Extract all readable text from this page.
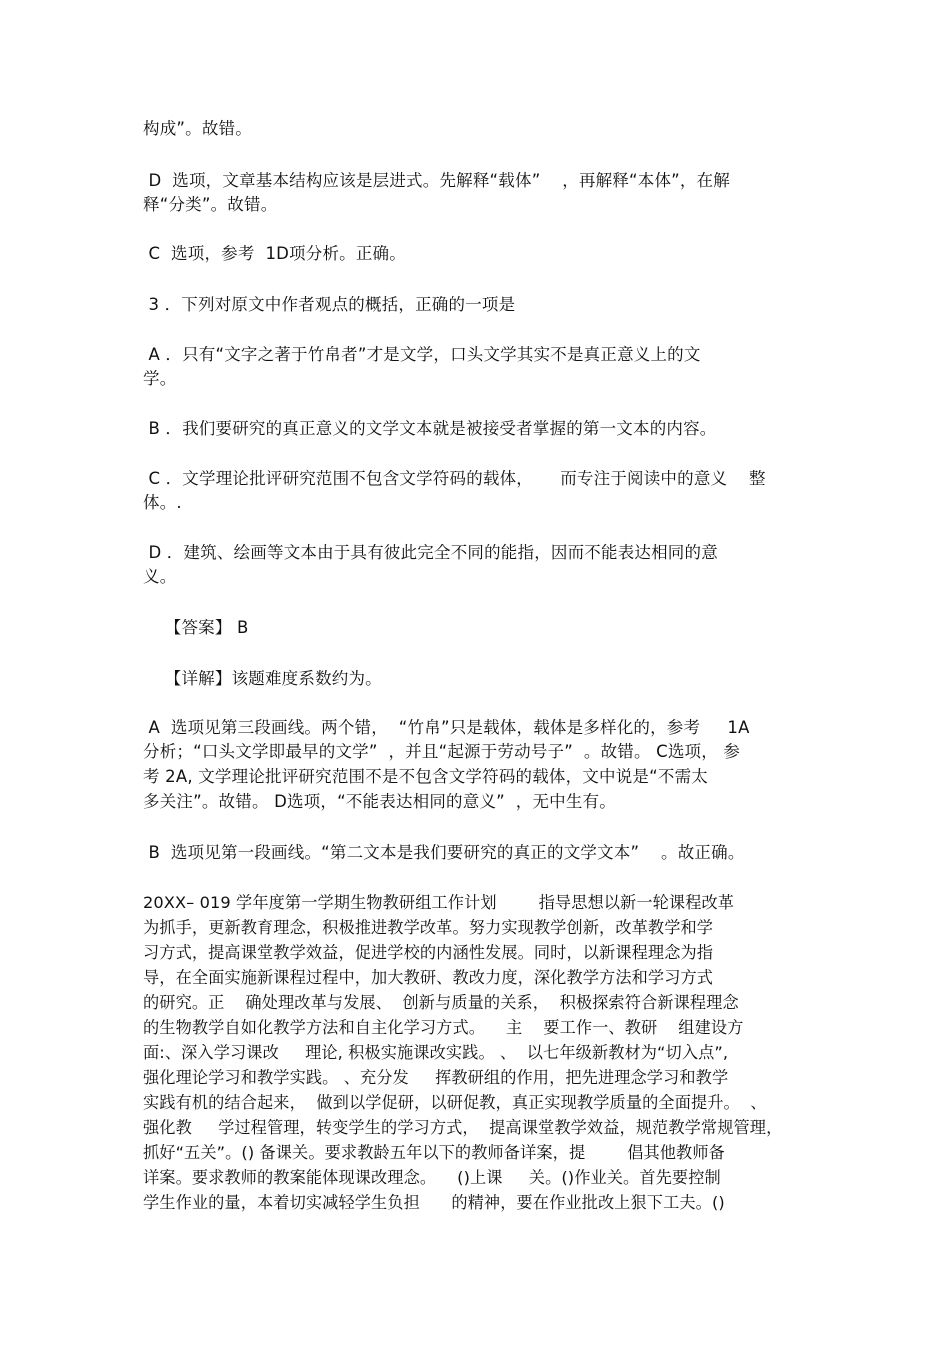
构成”。故错。
D  选项，文章基本结构应该是层进式。先解释“载体”    ，再解释“本体”，在解
释“分类”。故错。
C  选项，参考  1D项分析。正确。
3 ．下列对原文中作者观点的概括，正确的一项是
A ．只有“文字之著于竹帛者”才是文学，口头文学其实不是真正意义上的文
学。
B ．我们要研究的真正意义的文学文本就是被接受者掌握的第一文本的内容。
C ．文学理论批评研究范围不包含文学符码的载体，     而专注于阅读中的意义    整
体。.
D ．建筑、绘画等文本由于具有彼此完全不同的能指，因而不能表达相同的意
义。
【答案】 B
【详解】该题难度系数约为。
A  选项见第三段画线。两个错，  “竹帛”只是载体，载体是多样化的，参考     1A
分析；“口头文学即最早的文学”  ，并且“起源于劳动号子”  。故错。 C选项， 参
考 2A, 文学理论批评研究范围不是不包含文学符码的载体，文中说是“不需太
多关注”。故错。 D选项，“不能表达相同的意义”  ，无中生有。
B  选项见第一段画线。“第二文本是我们要研究的真正的文学文本”    。故正确。
20XX– 019 学年度第一学期生物教研组工作计划        指导思想以新一轮课程改革
为抓手，更新教育理念，积极推进教学改革。努力实现教学创新，改革教学和学
习方式，提高课堂教学效益，促进学校的内涵性发展。同时，以新课程理念为指
导，在全面实施新课程过程中，加大教研、教改力度，深化教学方法和学习方式
的研究。正    确处理改革与发展、  创新与质量的关系，  积极探索符合新课程理念
的生物教学自如化教学方法和自主化学习方式。    主    要工作一、教研    组建设方
面:、深入学习课改     理论, 积极实施课改实践。 、  以七年级新教材为“切入点”,
强化理论学习和教学实践。 、充分发     挥教研组的作用，把先进理念学习和教学
实践有机的结合起来，  做到以学促研，以研促教，真正实现教学质量的全面提升。  、
强化教     学过程管理，转变学生的学习方式，  提高课堂教学效益，规范教学常规管理，
抓好“五关”。() 备课关。要求教龄五年以下的教师备详案，提        倡其他教师备
详案。要求教师的教案能体现课改理念。    ()上课     关。()作业关。首先要控制
学生作业的量，本着切实减轻学生负担      的精神，要在作业批改上狠下工夫。()
